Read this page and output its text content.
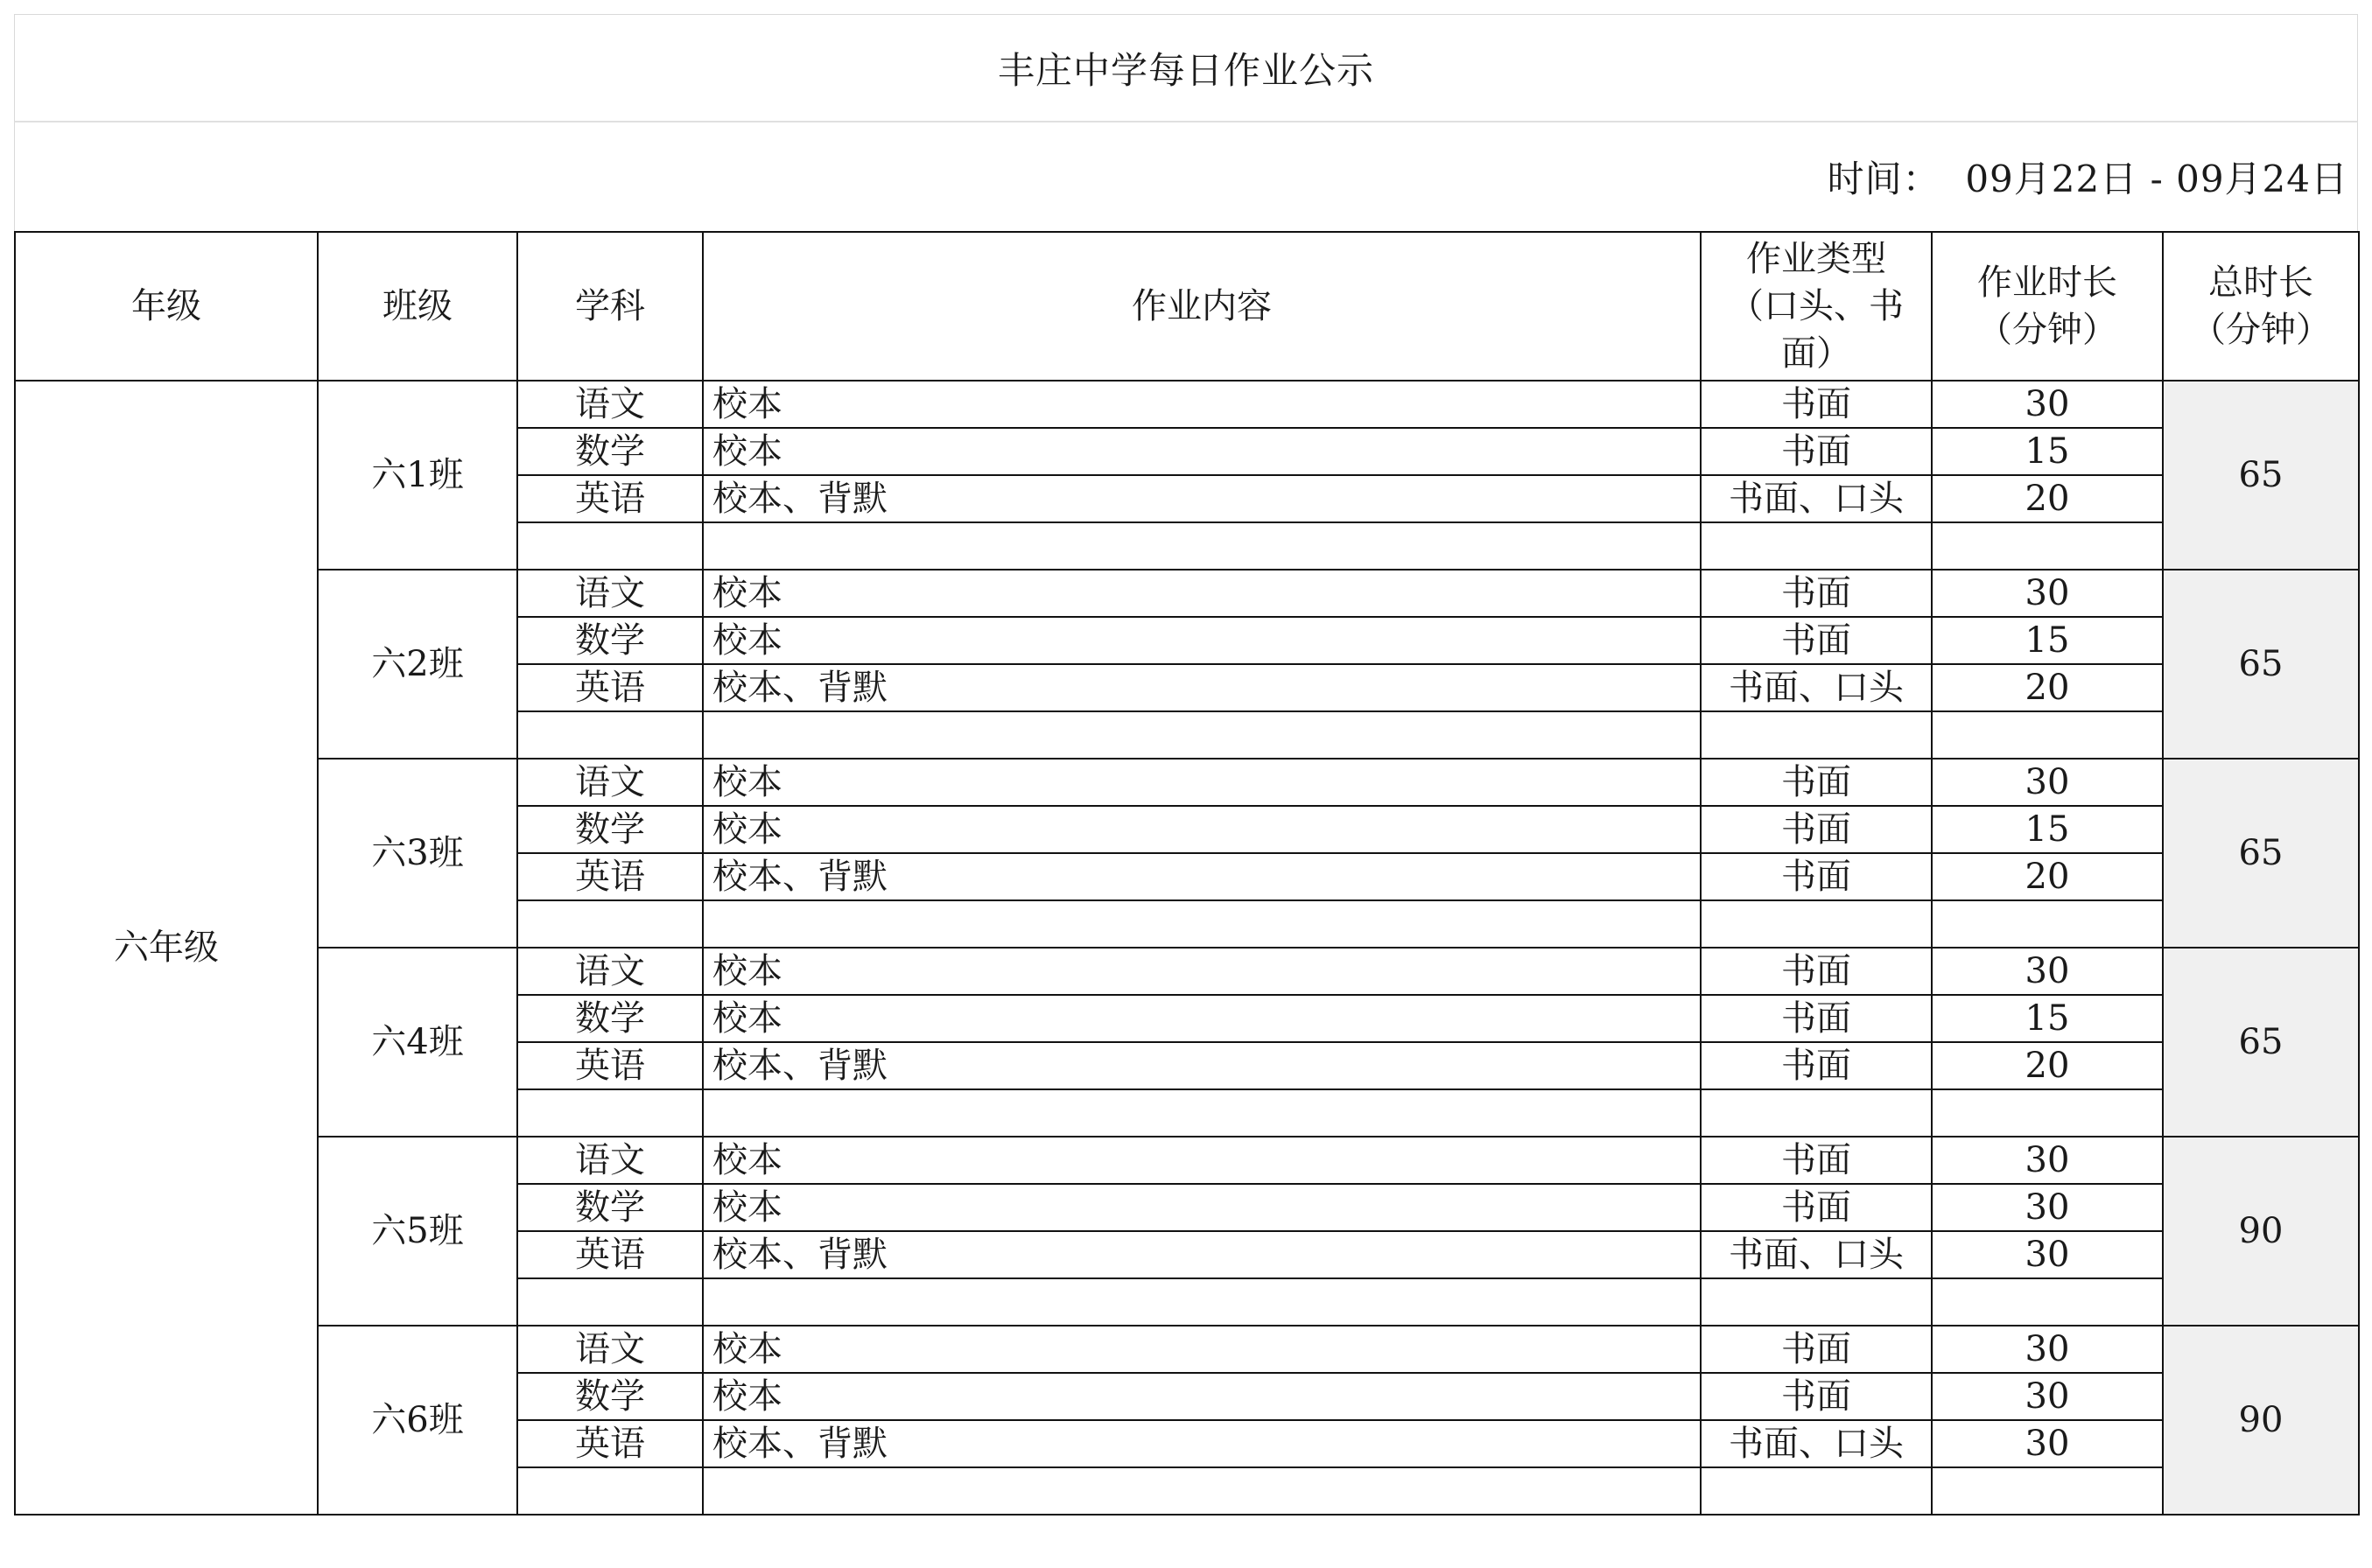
丰庄中学每日作业公示
时间：  09月22日 - 09月24日
年级	班级	学科	作业内容	作业类型（口头、书面）	作业时长（分钟）	总时长（分钟）
六年级	六1班	语文	校本	书面	30	65
		数学	校本	书面	15	
		英语	校本、背默	书面、口头	20	

	六2班	语文	校本	书面	30	65
		数学	校本	书面	15	
		英语	校本、背默	书面、口头	20	

	六3班	语文	校本	书面	30	65
		数学	校本	书面	15	
		英语	校本、背默	书面	20	

	六4班	语文	校本	书面	30	65
		数学	校本	书面	15	
		英语	校本、背默	书面	20	

	六5班	语文	校本	书面	30	90
		数学	校本	书面	30	
		英语	校本、背默	书面、口头	30	

	六6班	语文	校本	书面	30	90
		数学	校本	书面	30	
		英语	校本、背默	书面、口头	30	
